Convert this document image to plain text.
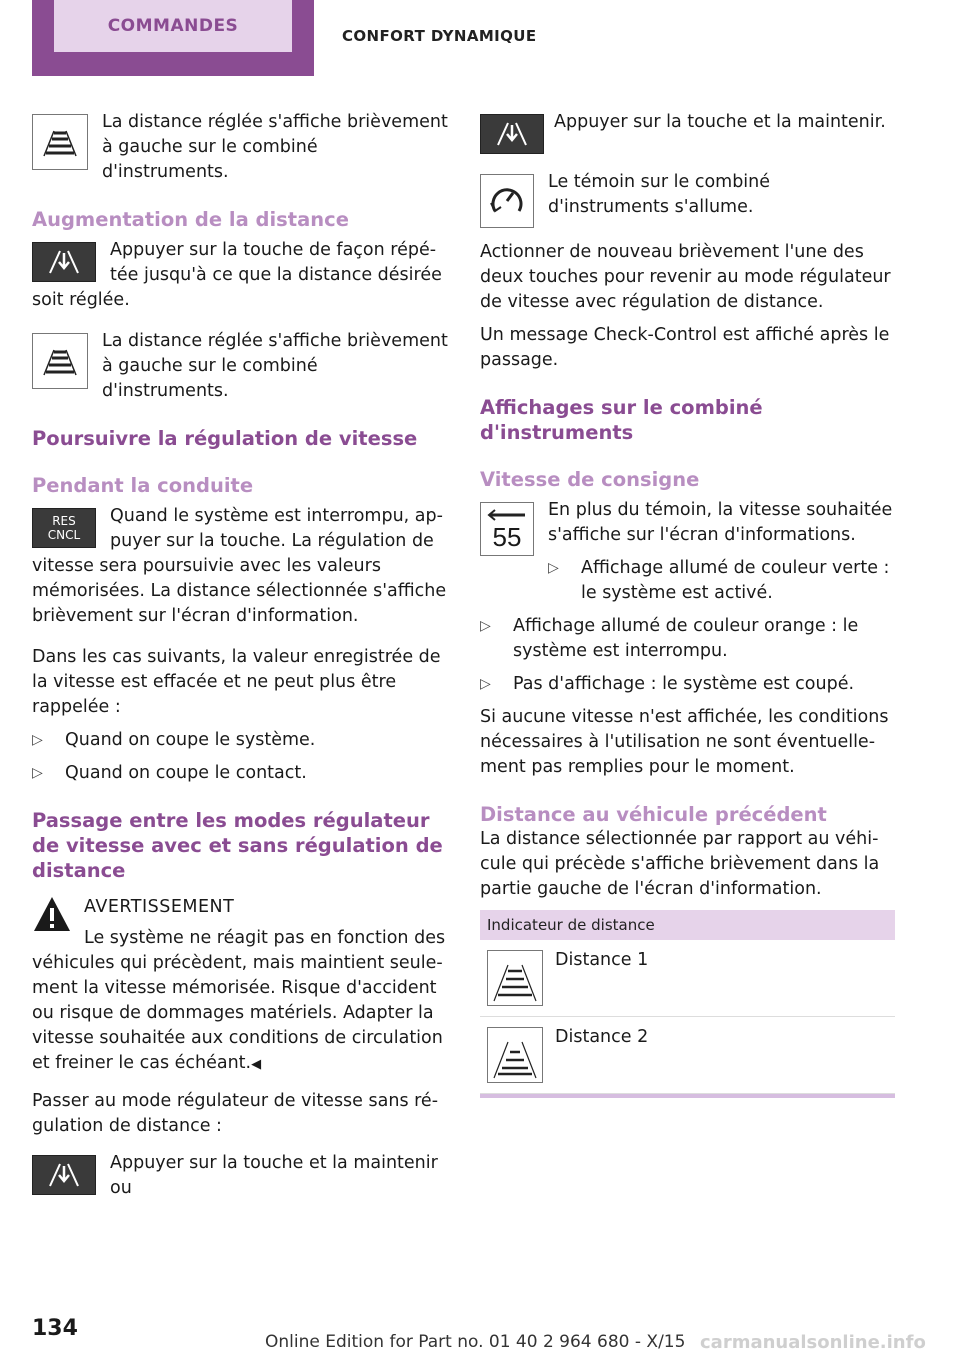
COMMANDES
CONFORT DYNAMIQUE

La distance réglée s'affiche brièvement à gauche sur le combiné d'instruments.

Augmentation de la distance

Appuyer sur la touche de façon répétée jusqu'à ce que la distance désirée soit réglée.

La distance réglée s'affiche brièvement à gauche sur le combiné d'instruments.

Poursuivre la régulation de vitesse
Pendant la conduite
RES
CNCL

Quand le système est interrompu, appuyer sur la touche. La régulation de vitesse sera poursuivie avec les valeurs mémorisées. La distance sélectionnée s'affiche brièvement sur l'écran d'information.

Dans les cas suivants, la valeur enregistrée de la vitesse est effacée et ne peut plus être rappelée :

▷	Quand on coupe le système.
▷	Quand on coupe le contact.
Passage entre les modes régulateur de vitesse avec et sans régulation de distance

AVERTISSEMENT

Le système ne réagit pas en fonction des véhicules qui précèdent, mais maintient seulement la vitesse mémorisée. Risque d'accident ou risque de dommages matériels. Adapter la vitesse souhaitée aux conditions de circulation et freiner le cas échéant.◀

Passer au mode régulateur de vitesse sans régulation de distance :

Appuyer sur la touche et la maintenir ou

Appuyer sur la touche et la maintenir.

Le témoin sur le combiné d'instruments s'allume.

Actionner de nouveau brièvement l'une des deux touches pour revenir au mode régulateur de vitesse avec régulation de distance.

Un message Check-Control est affiché après le passage.

Affichages sur le combiné d'instruments
Vitesse de consigne
55

En plus du témoin, la vitesse souhaitée s'affiche sur l'écran d'informations.

▷	Affichage allumé de couleur verte : le système est activé.
▷	Affichage allumé de couleur orange : le système est interrompu.
▷	Pas d'affichage : le système est coupé.

Si aucune vitesse n'est affichée, les conditions nécessaires à l'utilisation ne sont éventuellement pas remplies pour le moment.

Distance au véhicule précédent

La distance sélectionnée par rapport au véhicule qui précède s'affiche brièvement dans la partie gauche de l'écran d'information.

Indicateur de distance
Distance 1
Distance 2
134
Online Edition for Part no. 01 40 2 964 680 - X/15 carmanualsonline.info
